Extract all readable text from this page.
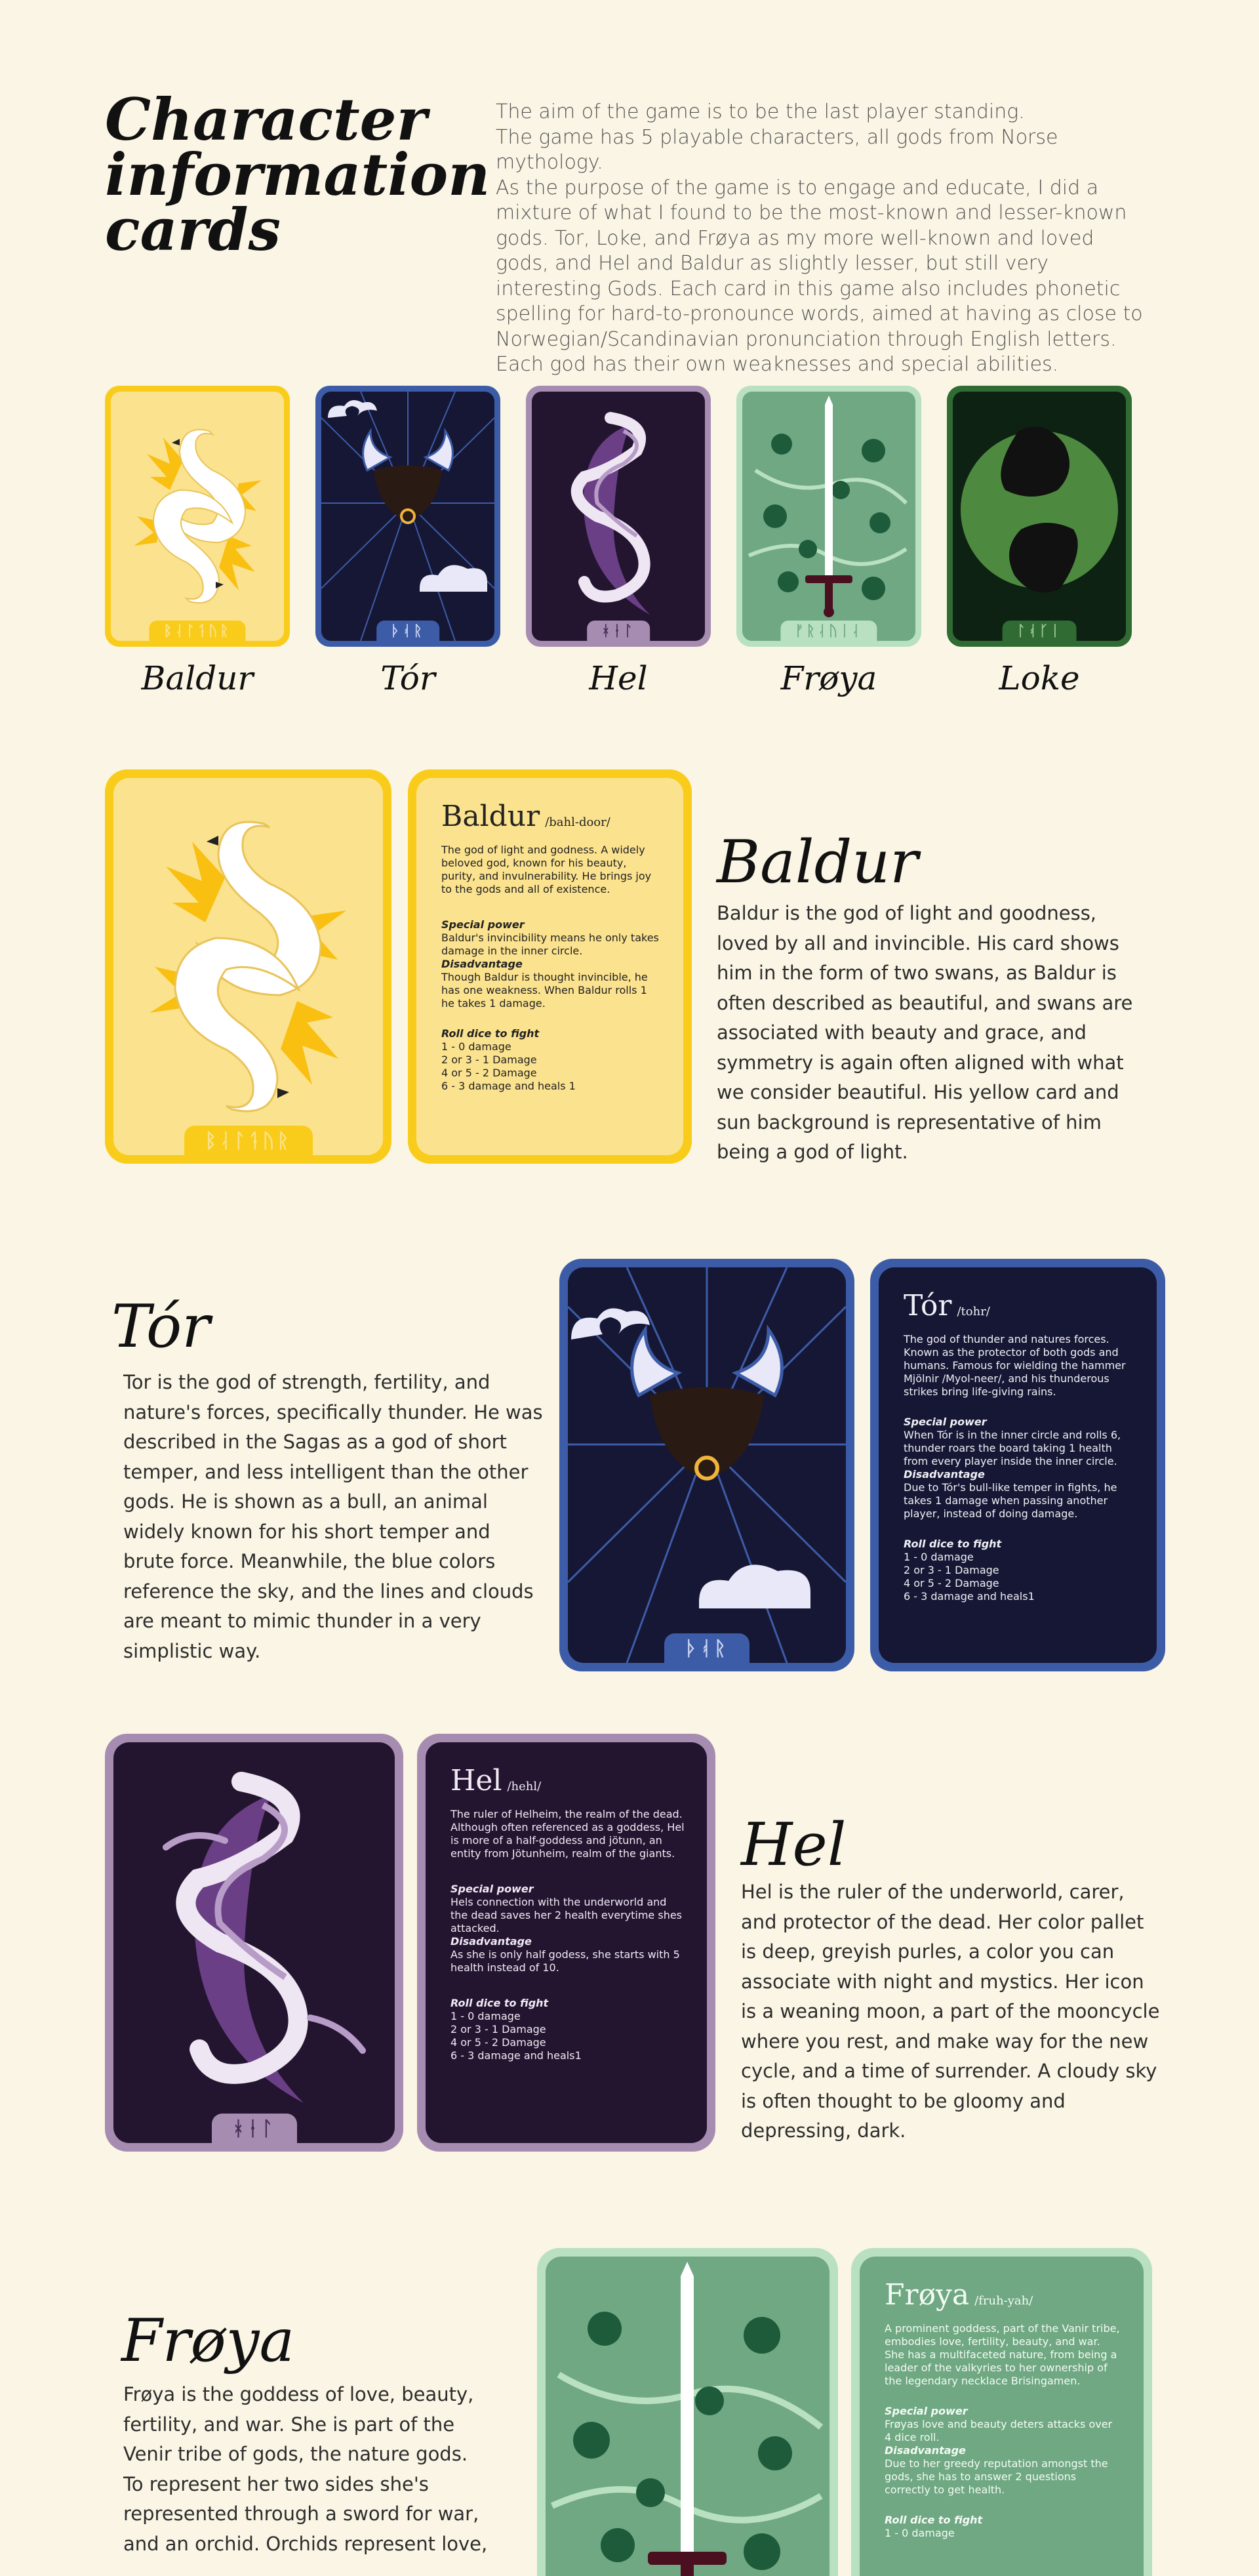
Character information cards

The aim of the game is to be the last player standing.

The game has 5 playable characters, all gods from Norse mythology.

As the purpose of the game is to engage and educate, I did a mixture of what I found to be the most-known and lesser-known gods. Tor, Loke, and Frøya as my more well-known and loved gods, and Hel and Baldur as slightly lesser, but still very interesting Gods. Each card in this game also includes phonetic spelling for hard-to-pronounce words, aimed at having as close to Norwegian/Scandinavian pronunciation through English letters.

Each god has their own weaknesses and special abilities.

ᛒᛆᛚᛑᚢᚱ
Baldur
ᚦᚮᚱ
Tór
ᚼᛂᛚ
Hel
ᚠᚱᛆᚢᛁᛆ
Frøya
ᛚᚮᚴᛁ
Loke
ᛒᛆᛚᛑᚢᚱ
Baldur /bahl-door/
The god of light and godness. A widely beloved god, known for his beauty, purity, and invulnerability. He brings joy to the gods and all of existence.
Special power
Baldur's invincibility means he only takes damage in the inner circle.
Disadvantage
Though Baldur is thought invincible, he has one weakness. When Baldur rolls 1 he takes 1 damage.
Roll dice to fight
1 - 0 damage
2 or 3 - 1 Damage
4 or 5 - 2 Damage
6 - 3 damage and heals 1
Baldur
Baldur is the god of light and goodness, loved by all and invincible. His card shows him in the form of two swans, as Baldur is often described as beautiful, and swans are associated with beauty and grace, and symmetry is again often aligned with what we consider beautiful. His yellow card and sun background is representative of him being a god of light.
Tór
Tor is the god of strength, fertility, and nature's forces, specifically thunder. He was described in the Sagas as a god of short temper, and less intelligent than the other gods. He is shown as a bull, an animal widely known for his short temper and brute force. Meanwhile, the blue colors reference the sky, and the lines and clouds are meant to mimic thunder in a very simplistic way.	ᚦᚮᚱ
Tór /tohr/
The god of thunder and natures forces. Known as the protector of both gods and humans. Famous for wielding the hammer Mjölnir /Myol-neer/, and his thunderous strikes bring life-giving rains.
Special power
When Tór is in the inner circle and rolls 6, thunder roars the board taking 1 health from every player inside the inner circle.
Disadvantage
Due to Tór's bull-like temper in fights, he takes 1 damage when passing another player, instead of doing damage.
Roll dice to fight
1 - 0 damage
2 or 3 - 1 Damage
4 or 5 - 2 Damage
6 - 3 damage and heals1
ᚼᛂᛚ
Hel /hehl/
The ruler of Helheim, the realm of the dead. Although often referenced as a goddess, Hel is more of a half-goddess and jötunn, an entity from Jötunheim, realm of the giants.
Special power
Hels connection with the underworld and the dead saves her 2 health everytime shes attacked.
Disadvantage
As she is only half godess, she starts with 5 health instead of 10.
Roll dice to fight
1 - 0 damage
2 or 3 - 1 Damage
4 or 5 - 2 Damage
6 - 3 damage and heals1
Hel
Hel is the ruler of the underworld, carer, and protector of the dead. Her color pallet is deep, greyish purles, a color you can associate with night and mystics. Her icon is a weaning moon, a part of the mooncycle where you rest, and make way for the new cycle, and a time of surrender. A cloudy sky is often thought to be gloomy and depressing, dark.
Frøya
Frøya is the goddess of love, beauty, fertility, and war. She is part of the Venir tribe of gods, the nature gods. To represent her two sides she's represented through a sword for war, and an orchid. Orchids represent love,
Frøya /fruh-yah/
A prominent goddess, part of the Vanir tribe, embodies love, fertility, beauty, and war. She has a multifaceted nature, from being a leader of the valkyries to her ownership of the legendary necklace Brisingamen.
Special power
Frøyas love and beauty deters attacks over 4 dice roll.
Disadvantage
Due to her greedy reputation amongst the gods, she has to answer 2 questions correctly to get health.
Roll dice to fight
1 - 0 damage
